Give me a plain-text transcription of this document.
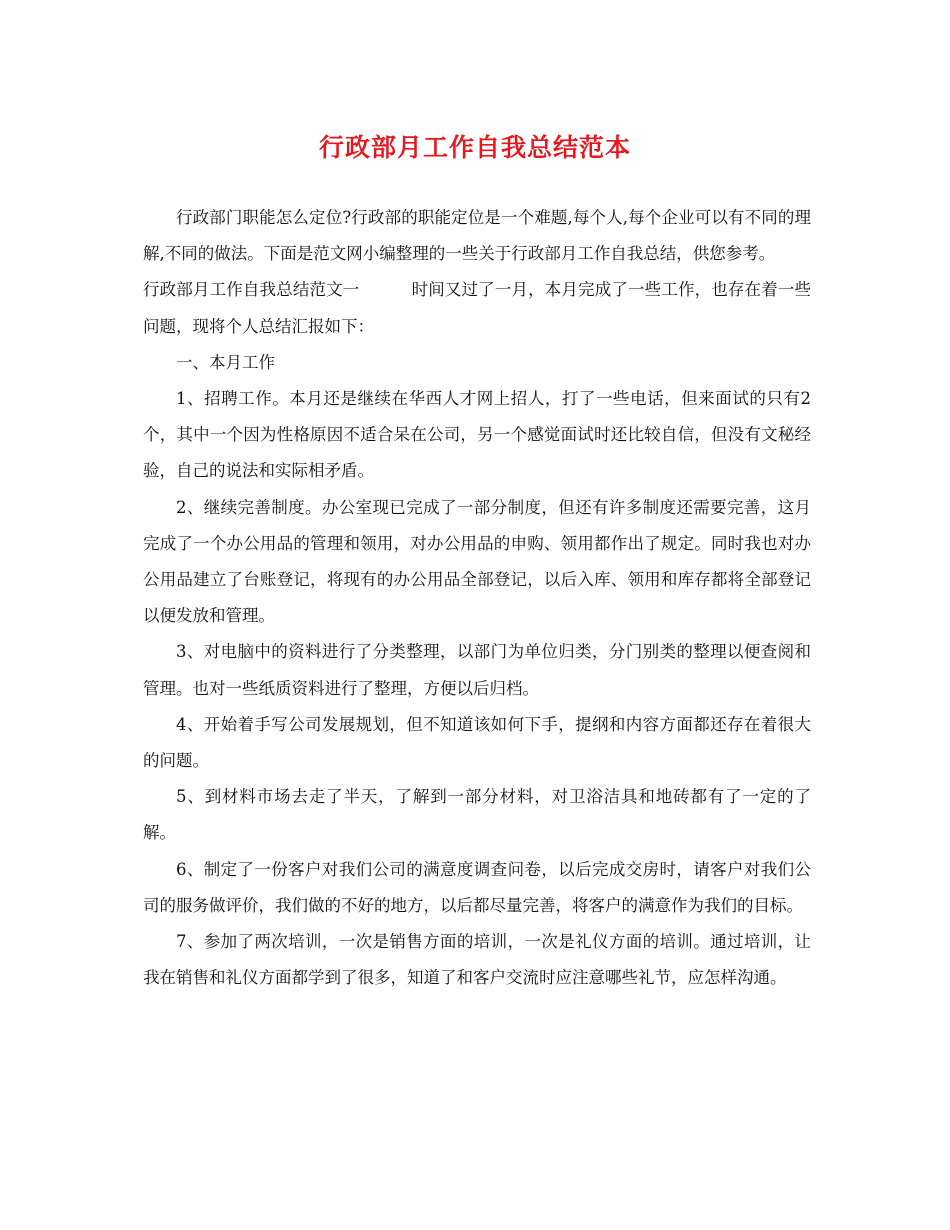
行政部月工作自我总结范本

行政部门职能怎么定位?行政部的职能定位是一个难题,每个人,每个企业可以有不同的理解,不同的做法。下面是范文网小编整理的一些关于行政部月工作自我总结，供您参考。

行政部月工作自我总结范文一	时间又过了一月，本月完成了一些工作，也存在着一些问题，现将个人总结汇报如下：

一、本月工作

1、招聘工作。本月还是继续在华西人才网上招人，打了一些电话，但来面试的只有2个，其中一个因为性格原因不适合呆在公司，另一个感觉面试时还比较自信，但没有文秘经验，自己的说法和实际相矛盾。

2、继续完善制度。办公室现已完成了一部分制度，但还有许多制度还需要完善，这月完成了一个办公用品的管理和领用，对办公用品的申购、领用都作出了规定。同时我也对办公用品建立了台账登记，将现有的办公用品全部登记，以后入库、领用和库存都将全部登记以便发放和管理。

3、对电脑中的资料进行了分类整理，以部门为单位归类，分门别类的整理以便查阅和管理。也对一些纸质资料进行了整理，方便以后归档。

4、开始着手写公司发展规划，但不知道该如何下手，提纲和内容方面都还存在着很大的问题。

5、到材料市场去走了半天，了解到一部分材料，对卫浴洁具和地砖都有了一定的了解。

6、制定了一份客户对我们公司的满意度调查问卷，以后完成交房时，请客户对我们公司的服务做评价，我们做的不好的地方，以后都尽量完善，将客户的满意作为我们的目标。

7、参加了两次培训，一次是销售方面的培训，一次是礼仪方面的培训。通过培训，让我在销售和礼仪方面都学到了很多，知道了和客户交流时应注意哪些礼节，应怎样沟通。
